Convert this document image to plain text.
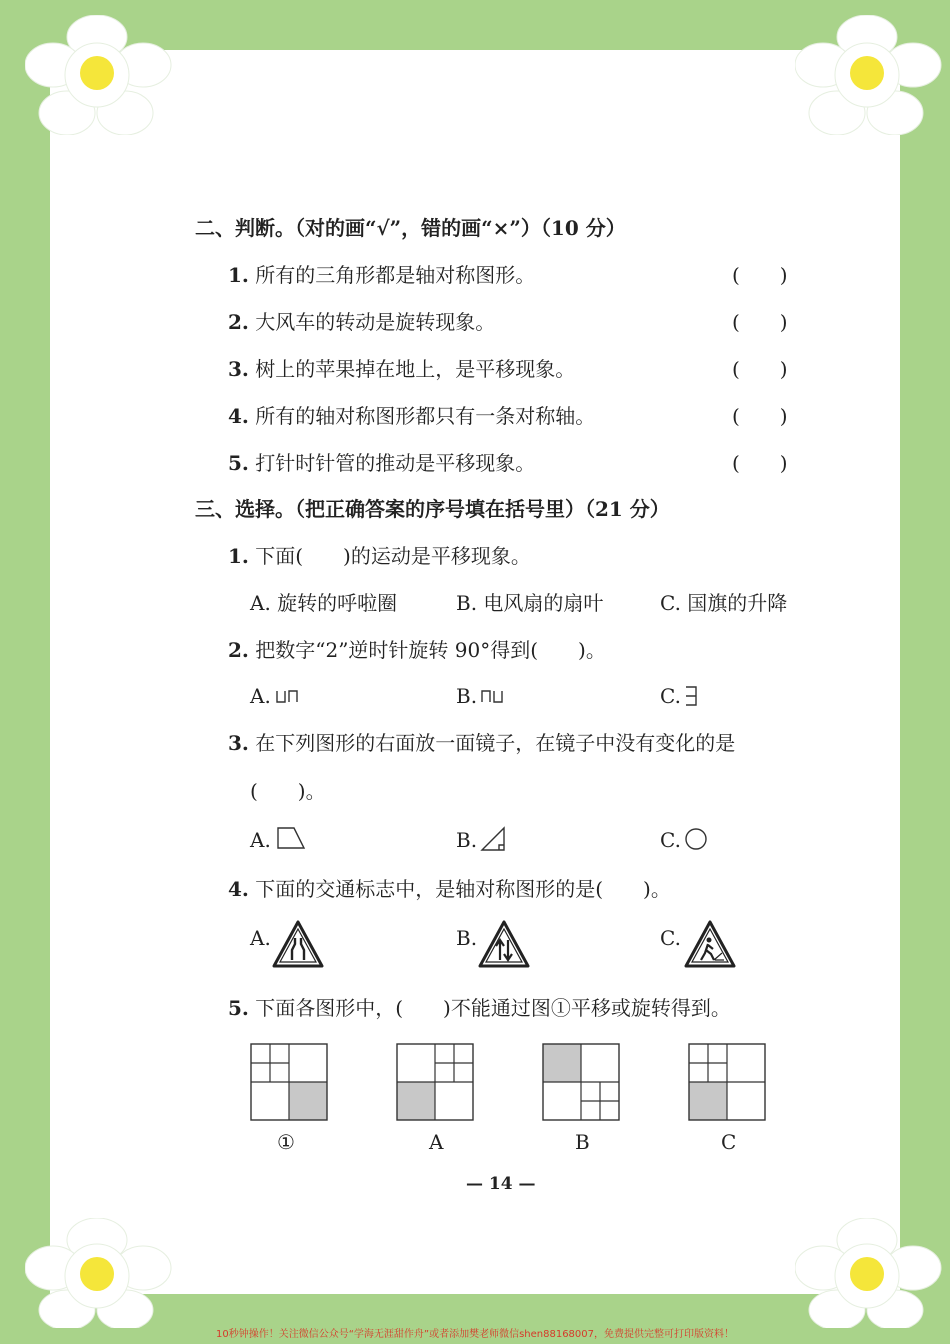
二、判断。（对的画“√”，错的画“×”）（10 分）
1. 所有的三角形都是轴对称图形。	(　　)
2. 大风车的转动是旋转现象。	(　　)
3. 树上的苹果掉在地上，是平移现象。	(　　)
4. 所有的轴对称图形都只有一条对称轴。	(　　)
5. 打针时针管的推动是平移现象。	(　　)
三、选择。（把正确答案的序号填在括号里）（21 分）
1. 下面(　　)的运动是平移现象。
A. 旋转的呼啦圈	B. 电风扇的扇叶	C. 国旗的升降
2. 把数字“2”逆时针旋转 90°得到(　　)。
A.	B.	C.
3. 在下列图形的右面放一面镜子，在镜子中没有变化的是
(　　)。
A.	B.	C.
4. 下面的交通标志中，是轴对称图形的是(　　)。
A.	B.	C.
5. 下面各图形中，(　　)不能通过图①平移或旋转得到。
①	A	B	C
— 14 —
10秒钟操作！关注微信公众号“学海无涯甜作舟”或者添加樊老师微信shen88168007，免费提供完整可打印版资料！
